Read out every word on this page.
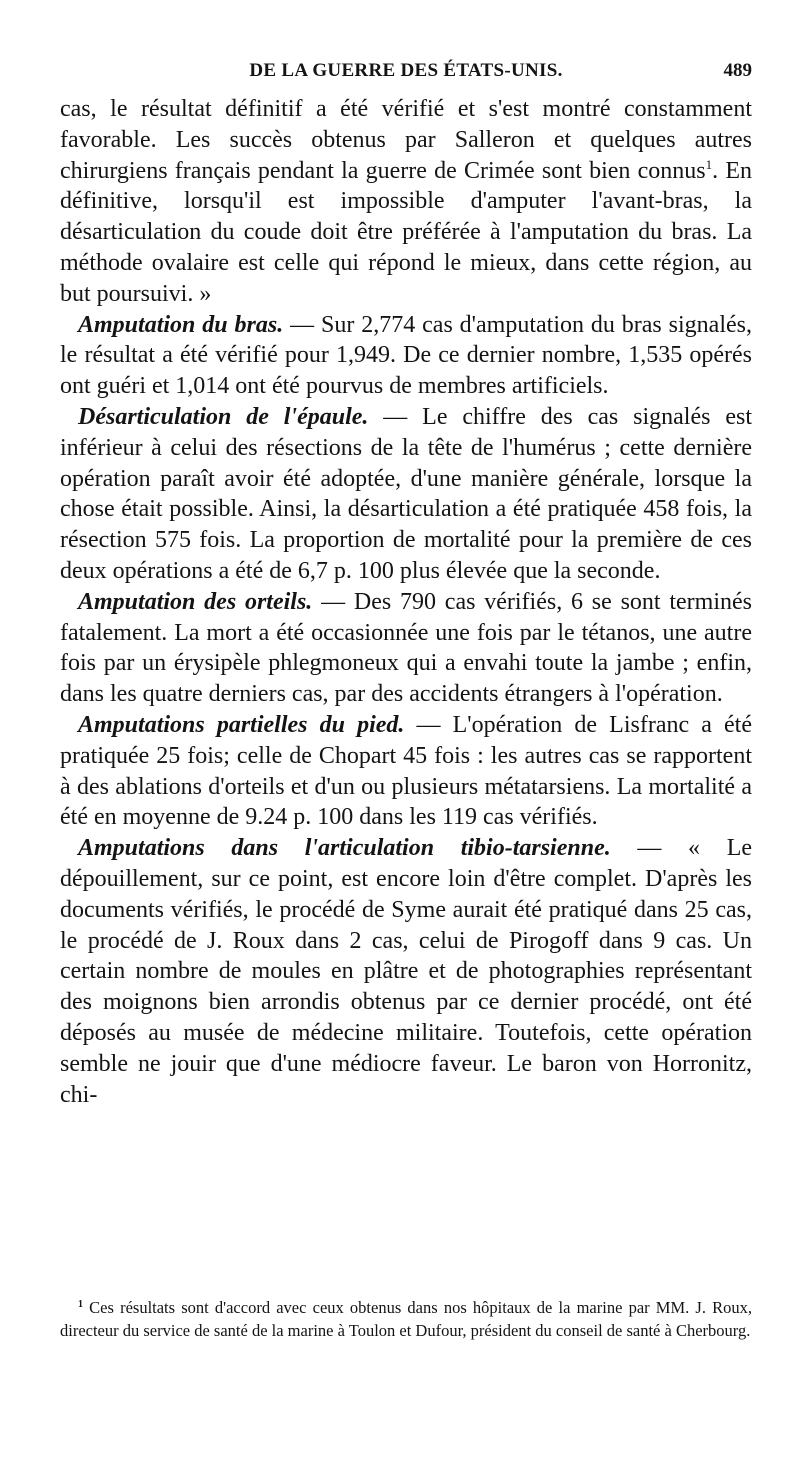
DE LA GUERRE DES ÉTATS-UNIS.	489

cas, le résultat définitif a été vérifié et s'est montré constamment favorable. Les succès obtenus par Salleron et quelques autres chirurgiens français pendant la guerre de Crimée sont bien connus$^1$. En définitive, lorsqu'il est impossible d'amputer l'avant-bras, la désarticulation du coude doit être préférée à l'amputation du bras. La méthode ovalaire est celle qui répond le mieux, dans cette région, au but poursuivi. »

Amputation du bras. — Sur 2,774 cas d'amputation du bras signalés, le résultat a été vérifié pour 1,949. De ce dernier nombre, 1,535 opérés ont guéri et 1,014 ont été pourvus de membres artificiels.

Désarticulation de l'épaule. — Le chiffre des cas signalés est inférieur à celui des résections de la tête de l'humérus ; cette dernière opération paraît avoir été adoptée, d'une manière générale, lorsque la chose était possible. Ainsi, la désarticulation a été pratiquée 458 fois, la résection 575 fois. La proportion de mortalité pour la première de ces deux opérations a été de 6,7 p. 100 plus élevée que la seconde.

Amputation des orteils. — Des 790 cas vérifiés, 6 se sont terminés fatalement. La mort a été occasionnée une fois par le tétanos, une autre fois par un érysipèle phlegmoneux qui a envahi toute la jambe ; enfin, dans les quatre derniers cas, par des accidents étrangers à l'opération.

Amputations partielles du pied. — L'opération de Lisfranc a été pratiquée 25 fois; celle de Chopart 45 fois : les autres cas se rapportent à des ablations d'orteils et d'un ou plusieurs métatarsiens. La mortalité a été en moyenne de 9.24 p. 100 dans les 119 cas vérifiés.

Amputations dans l'articulation tibio-tarsienne. — « Le dépouillement, sur ce point, est encore loin d'être complet. D'après les documents vérifiés, le procédé de Syme aurait été pratiqué dans 25 cas, le procédé de J. Roux dans 2 cas, celui de Pirogoff dans 9 cas. Un certain nombre de moules en plâtre et de photographies représentant des moignons bien arrondis obtenus par ce dernier procédé, ont été déposés au musée de médecine militaire. Toutefois, cette opération semble ne jouir que d'une médiocre faveur. Le baron von Horronitz, chi-

$^1$ Ces résultats sont d'accord avec ceux obtenus dans nos hôpitaux de la marine par MM. J. Roux, directeur du service de santé de la marine à Toulon et Dufour, président du conseil de santé à Cherbourg.
